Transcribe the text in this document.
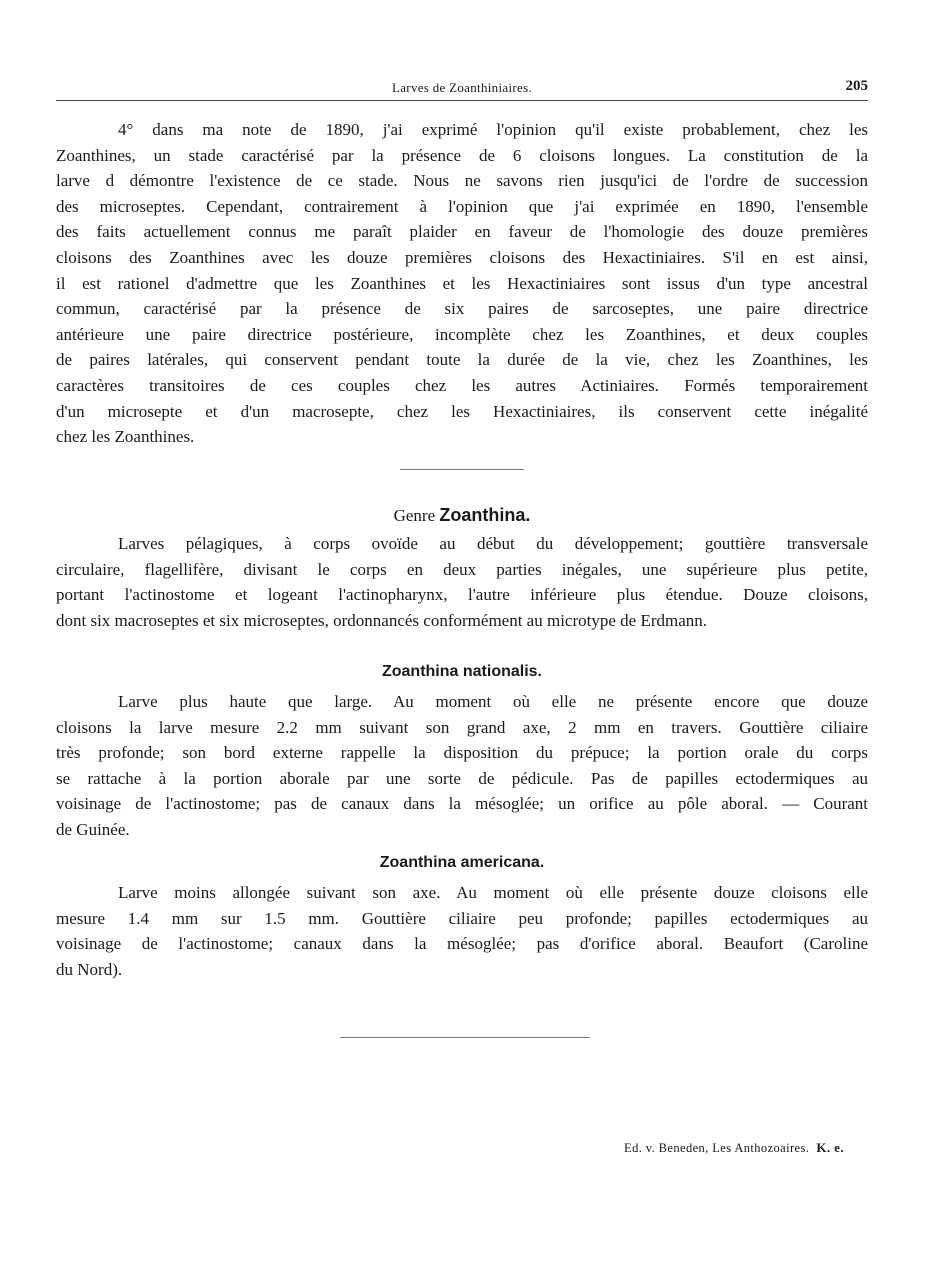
Larves de Zoanthiniaires.	205
4° dans ma note de 1890, j'ai exprimé l'opinion qu'il existe probablement, chez les
Zoanthines, un stade caractérisé par la présence de 6 cloisons longues. La constitution de la
larve d démontre l'existence de ce stade. Nous ne savons rien jusqu'ici de l'ordre de succession
des microseptes. Cependant, contrairement à l'opinion que j'ai exprimée en 1890, l'ensemble
des faits actuellement connus me paraît plaider en faveur de l'homologie des douze premières
cloisons des Zoanthines avec les douze premières cloisons des Hexactiniaires. S'il en est ainsi,
il est rationel d'admettre que les Zoanthines et les Hexactiniaires sont issus d'un type ancestral
commun, caractérisé par la présence de six paires de sarcoseptes, une paire directrice
antérieure une paire directrice postérieure, incomplète chez les Zoanthines, et deux couples
de paires latérales, qui conservent pendant toute la durée de la vie, chez les Zoanthines, les
caractères transitoires de ces couples chez les autres Actiniaires. Formés temporairement
d'un microsepte et d'un macrosepte, chez les Hexactiniaires, ils conservent cette inégalité
chez les Zoanthines.
Genre Zoanthina.
Larves pélagiques, à corps ovoïde au début du développement; gouttière transversale
circulaire, flagellifère, divisant le corps en deux parties inégales, une supérieure plus petite,
portant l'actinostome et logeant l'actinopharynx, l'autre inférieure plus étendue. Douze cloisons,
dont six macroseptes et six microseptes, ordonnancés conformément au microtype de Erdmann.
Zoanthina nationalis.
Larve plus haute que large. Au moment où elle ne présente encore que douze
cloisons la larve mesure 2.2 mm suivant son grand axe, 2 mm en travers. Gouttière ciliaire
très profonde; son bord externe rappelle la disposition du prépuce; la portion orale du corps
se rattache à la portion aborale par une sorte de pédicule. Pas de papilles ectodermiques au
voisinage de l'actinostome; pas de canaux dans la mésoglée; un orifice au pôle aboral. — Courant
de Guinée.
Zoanthina americana.
Larve moins allongée suivant son axe. Au moment où elle présente douze cloisons elle
mesure 1.4 mm sur 1.5 mm. Gouttière ciliaire peu profonde; papilles ectodermiques au
voisinage de l'actinostome; canaux dans la mésoglée; pas d'orifice aboral. Beaufort (Caroline
du Nord).
Ed. v. Beneden, Les Anthozoaires. K. e.
